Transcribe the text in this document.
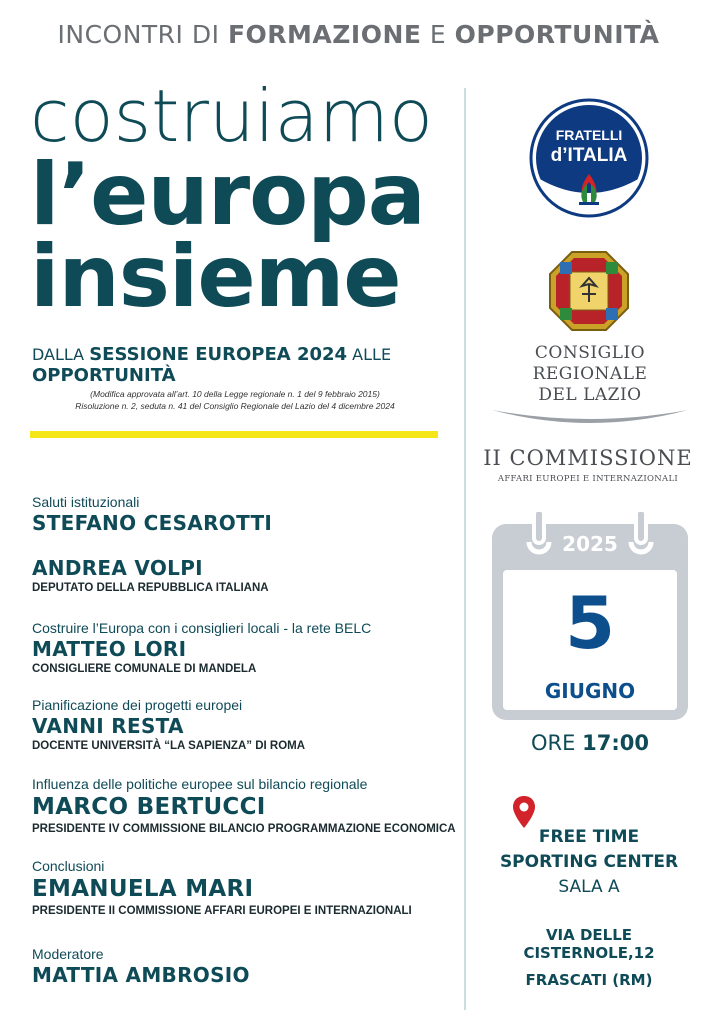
INCONTRI DI FORMAZIONE E OPPORTUNITÀ
costruiamo
l’europa
insieme
DALLA SESSIONE EUROPEA 2024 ALLE OPPORTUNITÀ
(Modifica approvata all’art. 10 della Legge regionale n. 1 del 9 febbraio 2015)
Risoluzione n. 2, seduta n. 41 del Consiglio Regionale del Lazio del 4 dicembre 2024
Saluti istituzionali
STEFANO CESAROTTI
ANDREA VOLPI
DEPUTATO DELLA REPUBBLICA ITALIANA
Costruire l’Europa con i consiglieri locali - la rete BELC
MATTEO LORI
CONSIGLIERE COMUNALE DI MANDELA
Pianificazione dei progetti europei
VANNI RESTA
DOCENTE UNIVERSITÀ “LA SAPIENZA” DI ROMA
Influenza delle politiche europee sul bilancio regionale
MARCO BERTUCCI
PRESIDENTE IV COMMISSIONE BILANCIO PROGRAMMAZIONE ECONOMICA
Conclusioni
EMANUELA MARI
PRESIDENTE II COMMISSIONE AFFARI EUROPEI E INTERNAZIONALI
Moderatore
MATTIA AMBROSIO
FRATELLI
d’ITALIA
CONSIGLIO
REGIONALE
DEL LAZIO
II COMMISSIONE
AFFARI EUROPEI E INTERNAZIONALI
2025
5
GIUGNO
ORE 17:00
FREE TIME
SPORTING CENTER
SALA A
VIA DELLE CISTERNOLE,12
FRASCATI (RM)
